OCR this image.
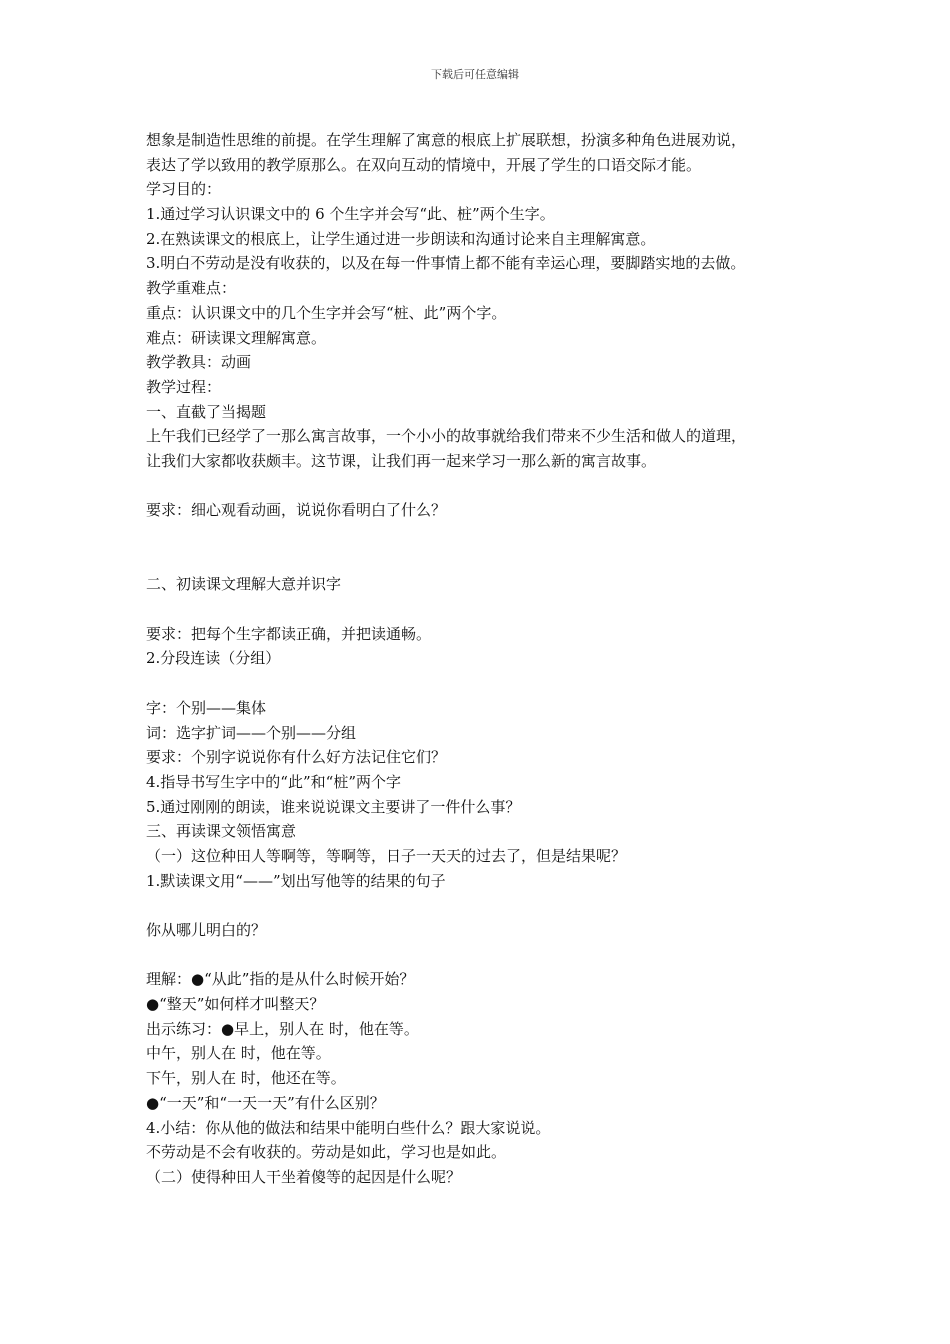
下载后可任意编辑
想象是制造性思维的前提。在学生理解了寓意的根底上扩展联想，扮演多种角色进展劝说，
表达了学以致用的教学原那么。在双向互动的情境中，开展了学生的口语交际才能。
学习目的：
1.通过学习认识课文中的 6 个生字并会写“此、桩”两个生字。
2.在熟读课文的根底上，让学生通过进一步朗读和沟通讨论来自主理解寓意。
3.明白不劳动是没有收获的，以及在每一件事情上都不能有幸运心理，要脚踏实地的去做。
教学重难点：
重点：认识课文中的几个生字并会写“桩、此”两个字。
难点：研读课文理解寓意。
教学教具：动画
教学过程：
一、直截了当揭题
上午我们已经学了一那么寓言故事，一个小小的故事就给我们带来不少生活和做人的道理，
让我们大家都收获颇丰。这节课，让我们再一起来学习一那么新的寓言故事。
要求：细心观看动画，说说你看明白了什么？
二、初读课文理解大意并识字
要求：把每个生字都读正确，并把读通畅。
2.分段连读（分组）
字：个别——集体
词：选字扩词——个别——分组
要求：个别字说说你有什么好方法记住它们？
4.指导书写生字中的“此”和“桩”两个字
5.通过刚刚的朗读，谁来说说课文主要讲了一件什么事？
三、再读课文领悟寓意
（一）这位种田人等啊等，等啊等，日子一天天的过去了，但是结果呢？
1.默读课文用“——”划出写他等的结果的句子
你从哪儿明白的？
理解：●“从此”指的是从什么时候开始？
●“整天”如何样才叫整天？
出示练习：●早上，别人在 时，他在等。
中午，别人在 时，他在等。
下午，别人在 时，他还在等。
●“一天”和“一天一天”有什么区别？
4.小结：你从他的做法和结果中能明白些什么？跟大家说说。
不劳动是不会有收获的。劳动是如此，学习也是如此。
（二）使得种田人干坐着傻等的起因是什么呢？
